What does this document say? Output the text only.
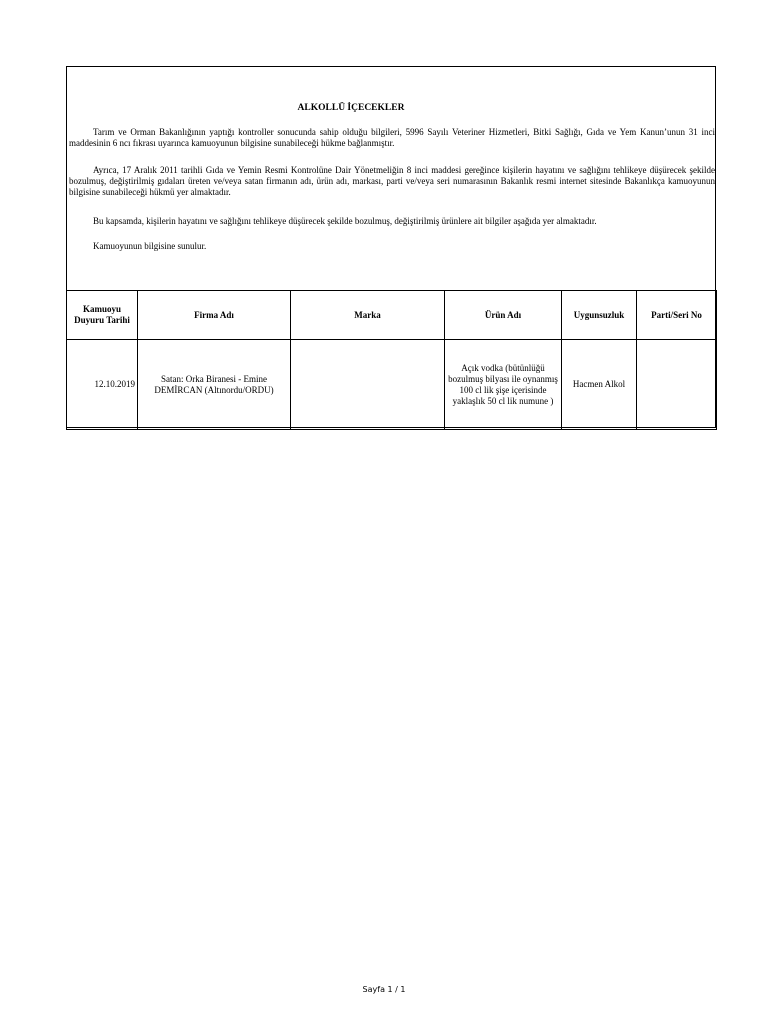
ALKOLLÜ İÇECEKLER

Tarım ve Orman Bakanlığının yaptığı kontroller sonucunda sahip olduğu bilgileri, 5996 Sayılı Veteriner Hizmetleri, Bitki Sağlığı, Gıda ve Yem Kanun’unun 31 inci maddesinin 6 ncı fıkrası uyarınca kamuoyunun bilgisine sunabileceği hükme bağlanmıştır.

Ayrıca, 17 Aralık 2011 tarihli Gıda ve Yemin Resmi Kontrolüne Dair Yönetmeliğin 8 inci maddesi gereğince kişilerin hayatını ve sağlığını tehlikeye düşürecek şekilde bozulmuş, değiştirilmiş gıdaları üreten ve/veya satan firmanın adı, ürün adı, markası, parti ve/veya seri numarasının Bakanlık resmi internet sitesinde Bakanlıkça kamuoyunun bilgisine sunabileceği hükmü yer almaktadır.

Bu kapsamda, kişilerin hayatını ve sağlığını tehlikeye düşürecek şekilde bozulmuş, değiştirilmiş ürünlere ait bilgiler aşağıda yer almaktadır.

Kamuoyunun bilgisine sunulur.

Kamuoyu Duyuru Tarihi	Firma Adı	Marka	Ürün Adı	Uygunsuzluk	Parti/Seri No
12.10.2019	Satan: Orka Biranesi - Emine DEMİRCAN (Altınordu/ORDU)		Açık vodka (bütünlüğü bozulmuş bilyası ile oynanmış 100 cl lik şişe içerisinde yaklaşlık 50 cl lik numune )	Hacmen Alkol	
Sayfa 1 / 1
